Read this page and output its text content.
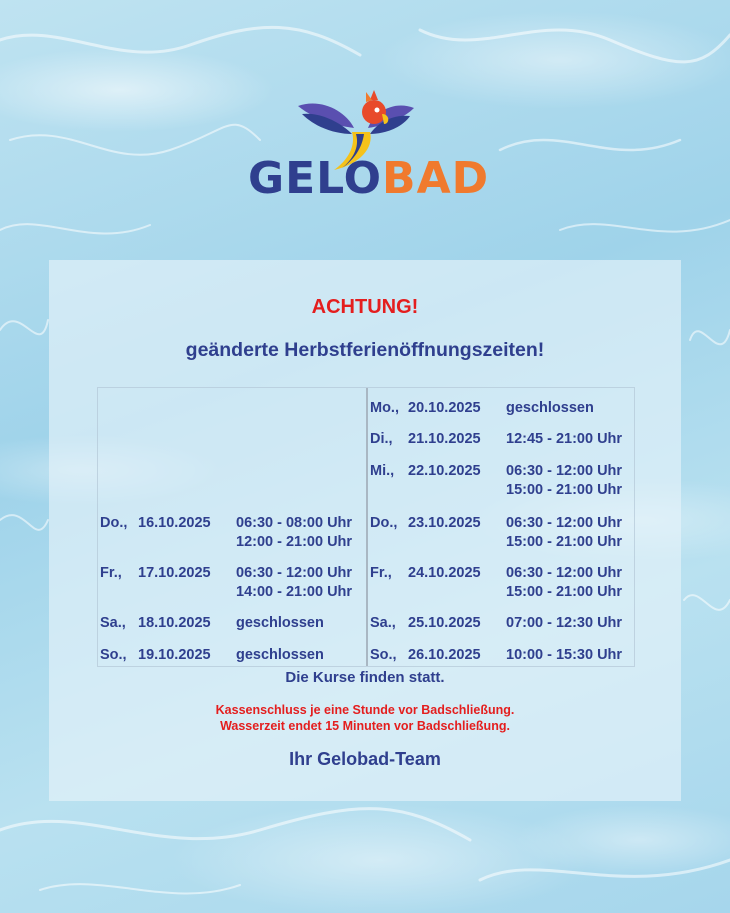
GELOBAD
ACHTUNG!
geänderte Herbstferienöffnungszeiten!
Do., 16.10.2025 06:30 - 08:00 Uhr
12:00 - 21:00 Uhr
Fr., 17.10.2025 06:30 - 12:00 Uhr
14:00 - 21:00 Uhr
Sa., 18.10.2025 geschlossen
So., 19.10.2025 geschlossen
Mo., 20.10.2025 geschlossen
Di., 21.10.2025 12:45 - 21:00 Uhr
Mi., 22.10.2025 06:30 - 12:00 Uhr
15:00 - 21:00 Uhr
Do., 23.10.2025 06:30 - 12:00 Uhr
15:00 - 21:00 Uhr
Fr., 24.10.2025 06:30 - 12:00 Uhr
15:00 - 21:00 Uhr
Sa., 25.10.2025 07:00 - 12:30 Uhr
So., 26.10.2025 10:00 - 15:30 Uhr
Die Kurse finden statt.
Kassenschluss je eine Stunde vor Badschließung.
Wasserzeit endet 15 Minuten vor Badschließung.
Ihr Gelobad-Team
